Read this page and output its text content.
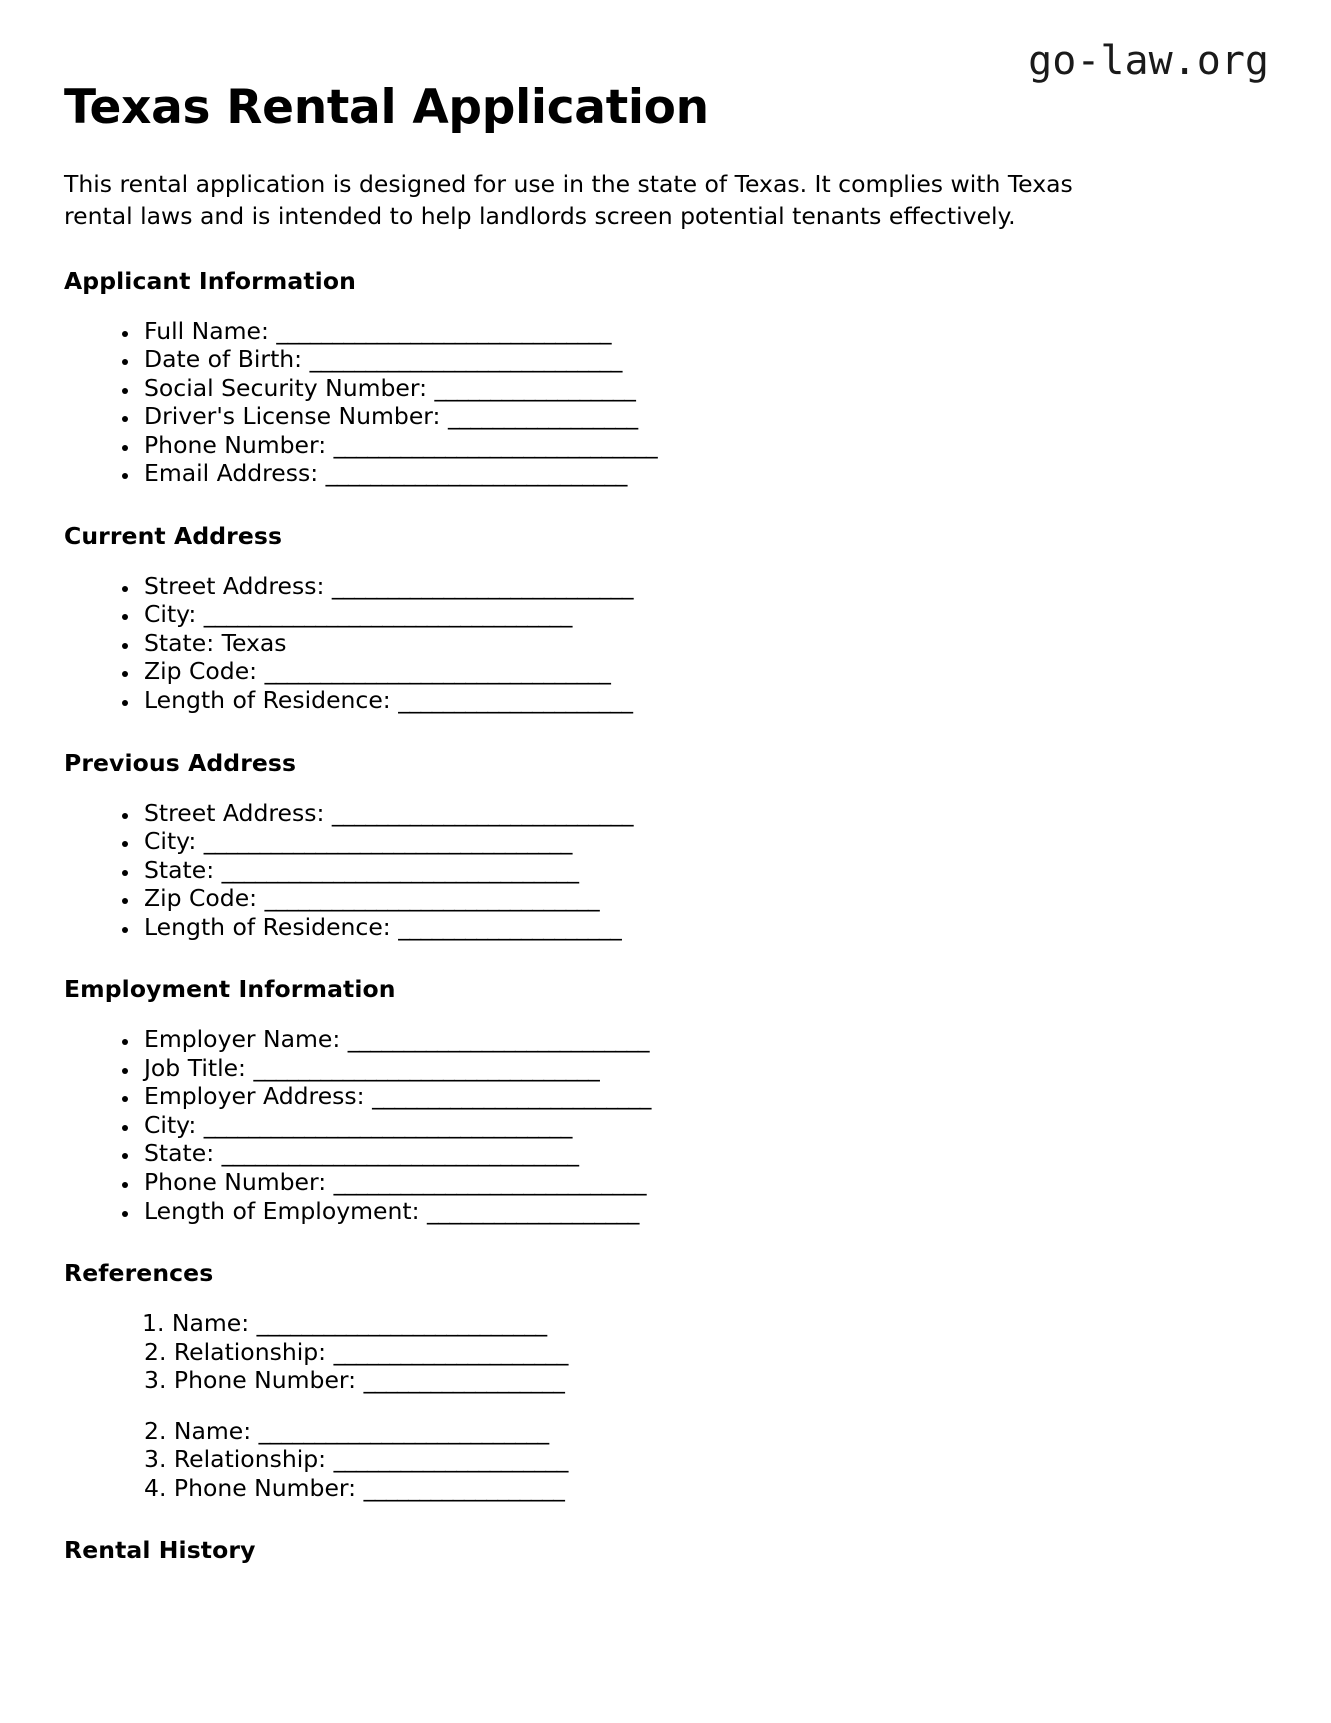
go-law.org
Texas Rental Application

This rental application is designed for use in the state of Texas. It complies with Texas rental laws and is intended to help landlords screen potential tenants effectively.

Applicant Information
• Full Name: ______________________________
• Date of Birth: ____________________________
• Social Security Number: __________________
• Driver's License Number: _________________
• Phone Number: _____________________________
• Email Address: ___________________________
Current Address
• Street Address: ___________________________
• City: _________________________________
• State: Texas
• Zip Code: _______________________________
• Length of Residence: _____________________
Previous Address
• Street Address: ___________________________
• City: _________________________________
• State: ________________________________
• Zip Code: ______________________________
• Length of Residence: ____________________
Employment Information
• Employer Name: ___________________________
• Job Title: _______________________________
• Employer Address: _________________________
• City: _________________________________
• State: ________________________________
• Phone Number: ____________________________
• Length of Employment: ___________________
References
1. Name: __________________________
2. Relationship: _____________________
3. Phone Number: __________________
2. Name: __________________________
3. Relationship: _____________________
4. Phone Number: __________________
Rental History
